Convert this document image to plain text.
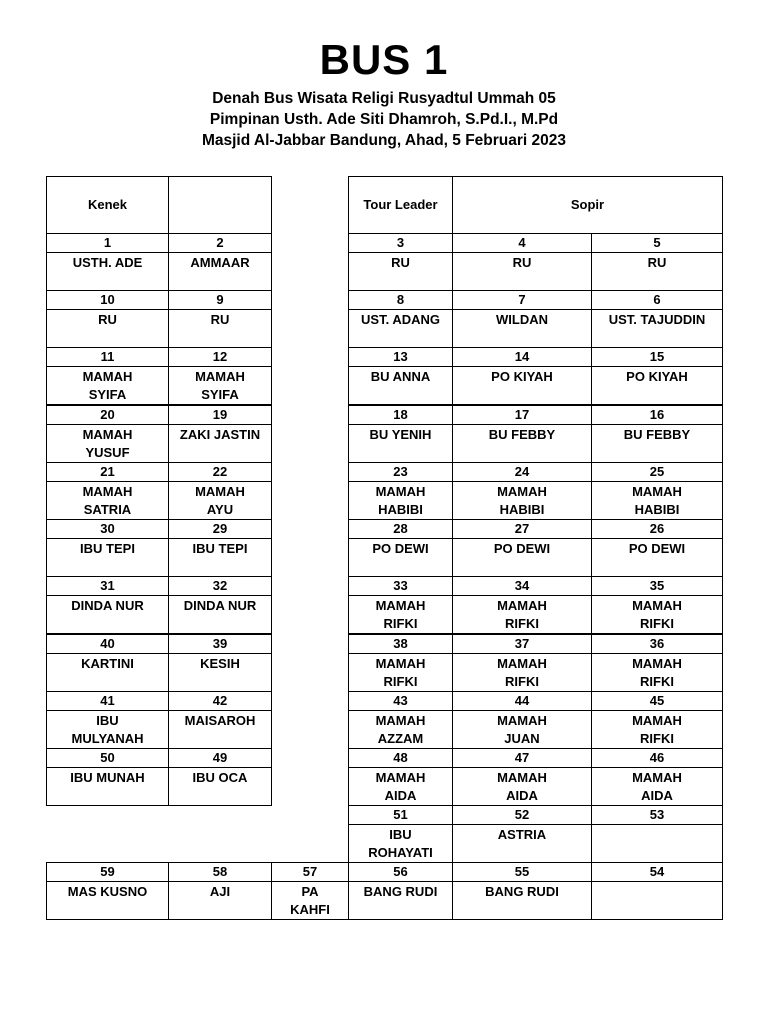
BUS 1
Denah Bus Wisata Religi Rusyadtul Ummah 05
Pimpinan Usth. Ade Siti Dhamroh, S.Pd.I., M.Pd
Masjid Al-Jabbar Bandung, Ahad, 5 Februari 2023
Kenek	Tour Leader	Sopir
1
USTH. ADE
2
AMMAAR
10
RU
9
RU
11
MAMAH
SYIFA
12
MAMAH
SYIFA
20
MAMAH
YUSUF
19
ZAKI JASTIN
21
MAMAH
SATRIA
22
MAMAH
AYU
30
IBU TEPI
29
IBU TEPI
31
DINDA NUR
32
DINDA NUR
40
KARTINI
39
KESIH
41
IBU
MULYANAH
42
MAISAROH
50
IBU MUNAH
49
IBU OCA
3
RU
4
RU
5
RU
8
UST. ADANG
7
WILDAN
6
UST. TAJUDDIN
13
BU ANNA
14
PO KIYAH
15
PO KIYAH
18
BU YENIH
17
BU FEBBY
16
BU FEBBY
23
MAMAH
HABIBI
24
MAMAH
HABIBI
25
MAMAH
HABIBI
28
PO DEWI
27
PO DEWI
26
PO DEWI
33
MAMAH
RIFKI
34
MAMAH
RIFKI
35
MAMAH
RIFKI
38
MAMAH
RIFKI
37
MAMAH
RIFKI
36
MAMAH
RIFKI
43
MAMAH
AZZAM
44
MAMAH
JUAN
45
MAMAH
RIFKI
48
MAMAH
AIDA
47
MAMAH
AIDA
46
MAMAH
AIDA
51
IBU
ROHAYATI
52
ASTRIA
53
59
MAS KUSNO
58
AJI
57
PA
KAHFI
56
BANG RUDI
55
BANG RUDI
54
